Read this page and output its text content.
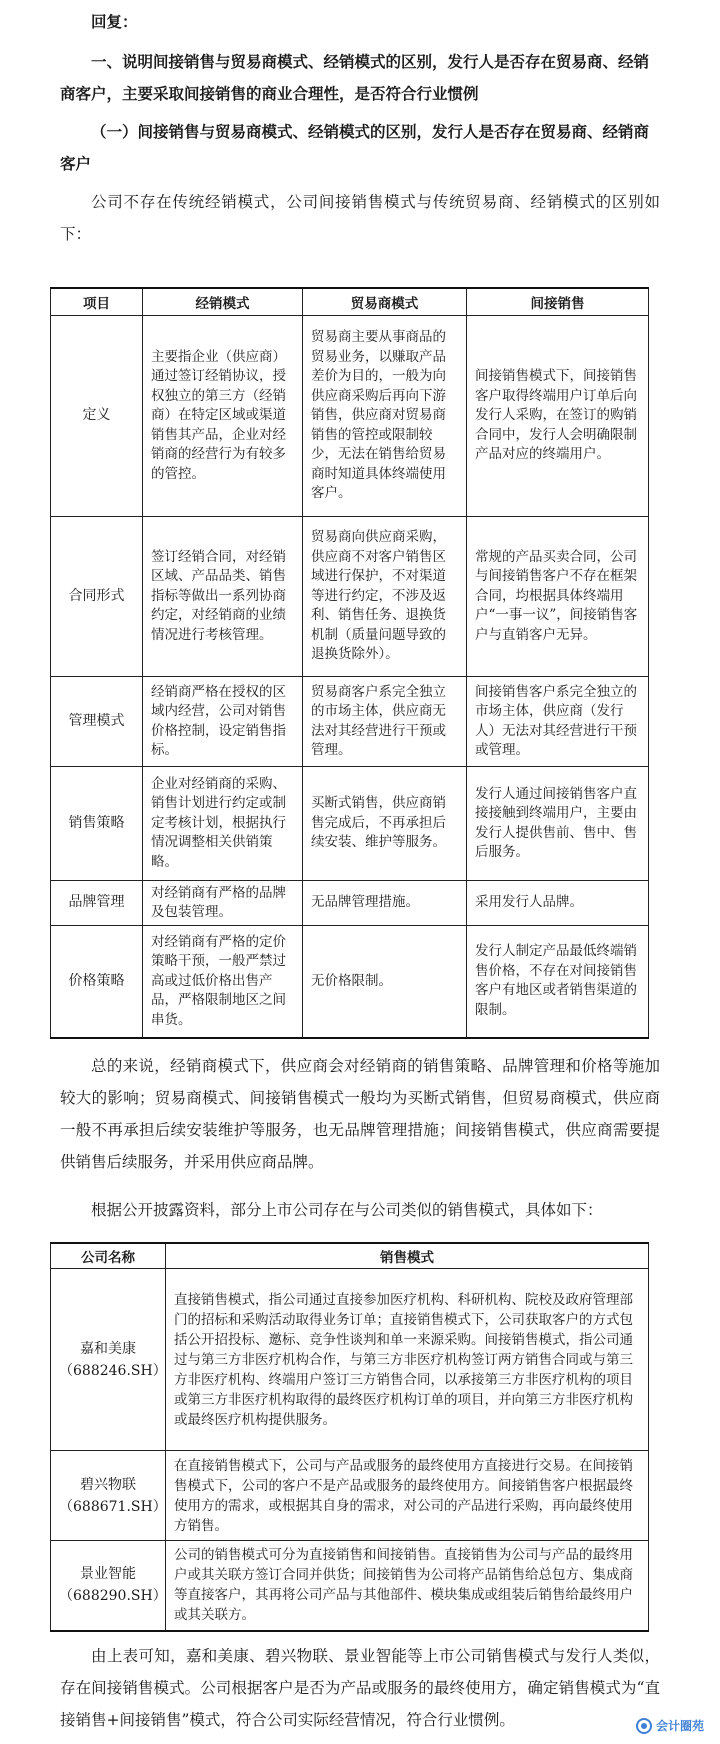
回复：

一、说明间接销售与贸易商模式、经销模式的区别，发行人是否存在贸易商、经销商客户，主要采取间接销售的商业合理性，是否符合行业惯例

（一）间接销售与贸易商模式、经销模式的区别，发行人是否存在贸易商、经销商客户

公司不存在传统经销模式，公司间接销售模式与传统贸易商、经销模式的区别如下：

项目	经销模式	贸易商模式	间接销售
定义	主要指企业（供应商）通过签订经销协议，授权独立的第三方（经销商）在特定区域或渠道销售其产品，企业对经销商的经营行为有较多的管控。	贸易商主要从事商品的贸易业务，以赚取产品差价为目的，一般为向供应商采购后再向下游销售，供应商对贸易商销售的管控或限制较少，无法在销售给贸易商时知道具体终端使用客户。	间接销售模式下，间接销售客户取得终端用户订单后向发行人采购，在签订的购销合同中，发行人会明确限制产品对应的终端用户。
合同形式	签订经销合同，对经销区域、产品品类、销售指标等做出一系列协商约定，对经销商的业绩情况进行考核管理。	贸易商向供应商采购，供应商不对客户销售区域进行保护，不对渠道等进行约定，不涉及返利、销售任务、退换货机制（质量问题导致的退换货除外）。	常规的产品买卖合同，公司与间接销售客户不存在框架合同，均根据具体终端用户“一事一议”，间接销售客户与直销客户无异。
管理模式	经销商严格在授权的区域内经营，公司对销售价格控制，设定销售指标。	贸易商客户系完全独立的市场主体，供应商无法对其经营进行干预或管理。	间接销售客户系完全独立的市场主体，供应商（发行人）无法对其经营进行干预或管理。
销售策略	企业对经销商的采购、销售计划进行约定或制定考核计划，根据执行情况调整相关供销策略。	买断式销售，供应商销售完成后，不再承担后续安装、维护等服务。	发行人通过间接销售客户直接接触到终端用户，主要由发行人提供售前、售中、售后服务。
品牌管理	对经销商有严格的品牌及包装管理。	无品牌管理措施。	采用发行人品牌。
价格策略	对经销商有严格的定价策略干预，一般严禁过高或过低价格出售产品，严格限制地区之间串货。	无价格限制。	发行人制定产品最低终端销售价格，不存在对间接销售客户有地区或者销售渠道的限制。

总的来说，经销商模式下，供应商会对经销商的销售策略、品牌管理和价格等施加较大的影响；贸易商模式、间接销售模式一般均为买断式销售，但贸易商模式，供应商一般不再承担后续安装维护等服务，也无品牌管理措施；间接销售模式，供应商需要提供销售后续服务，并采用供应商品牌。

根据公开披露资料，部分上市公司存在与公司类似的销售模式，具体如下：

公司名称	销售模式

嘉和美康
（688246.SH）	直接销售模式，指公司通过直接参加医疗机构、科研机构、院校及政府管理部门的招标和采购活动取得业务订单；直接销售模式下，公司获取客户的方式包括公开招投标、邀标、竞争性谈判和单一来源采购。间接销售模式，指公司通过与第三方非医疗机构合作，与第三方非医疗机构签订两方销售合同或与第三方非医疗机构、终端用户签订三方销售合同，以承接第三方非医疗机构的项目或第三方非医疗机构取得的最终医疗机构订单的项目，并向第三方非医疗机构或最终医疗机构提供服务。

碧兴物联
（688671.SH）	在直接销售模式下，公司与产品或服务的最终使用方直接进行交易。在间接销售模式下，公司的客户不是产品或服务的最终使用方。间接销售客户根据最终使用方的需求，或根据其自身的需求，对公司的产品进行采购，再向最终使用方销售。

景业智能
（688290.SH）	公司的销售模式可分为直接销售和间接销售。直接销售为公司与产品的最终用户或其关联方签订合同并供货；间接销售为公司将产品销售给总包方、集成商等直接客户，其再将公司产品与其他部件、模块集成或组装后销售给最终用户或其关联方。

由上表可知，嘉和美康、碧兴物联、景业智能等上市公司销售模式与发行人类似，存在间接销售模式。公司根据客户是否为产品或服务的最终使用方，确定销售模式为“直接销售+间接销售”模式，符合公司实际经营情况，符合行业惯例。	会计圈苑
